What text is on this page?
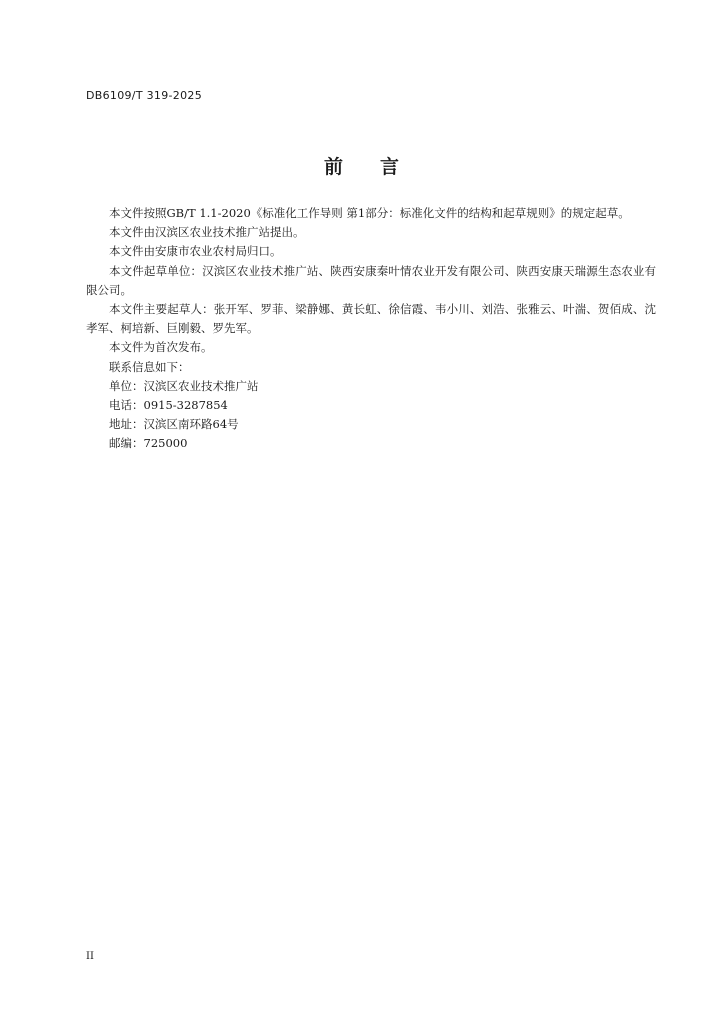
DB6109/T 319-2025
前 言

本文件按照GB/T 1.1-2020《标准化工作导则 第1部分：标准化文件的结构和起草规则》的规定起草。

本文件由汉滨区农业技术推广站提出。

本文件由安康市农业农村局归口。

本文件起草单位：汉滨区农业技术推广站、陕西安康秦叶情农业开发有限公司、陕西安康天瑞源生态农业有限公司。

本文件主要起草人：张开军、罗菲、梁静娜、黄长虹、徐信霞、韦小川、刘浩、张雅云、叶湍、贺佰成、沈孝军、柯培新、巨刚毅、罗先军。

本文件为首次发布。

联系信息如下：

单位：汉滨区农业技术推广站

电话：0915-3287854

地址：汉滨区南环路64号

邮编：725000

II
